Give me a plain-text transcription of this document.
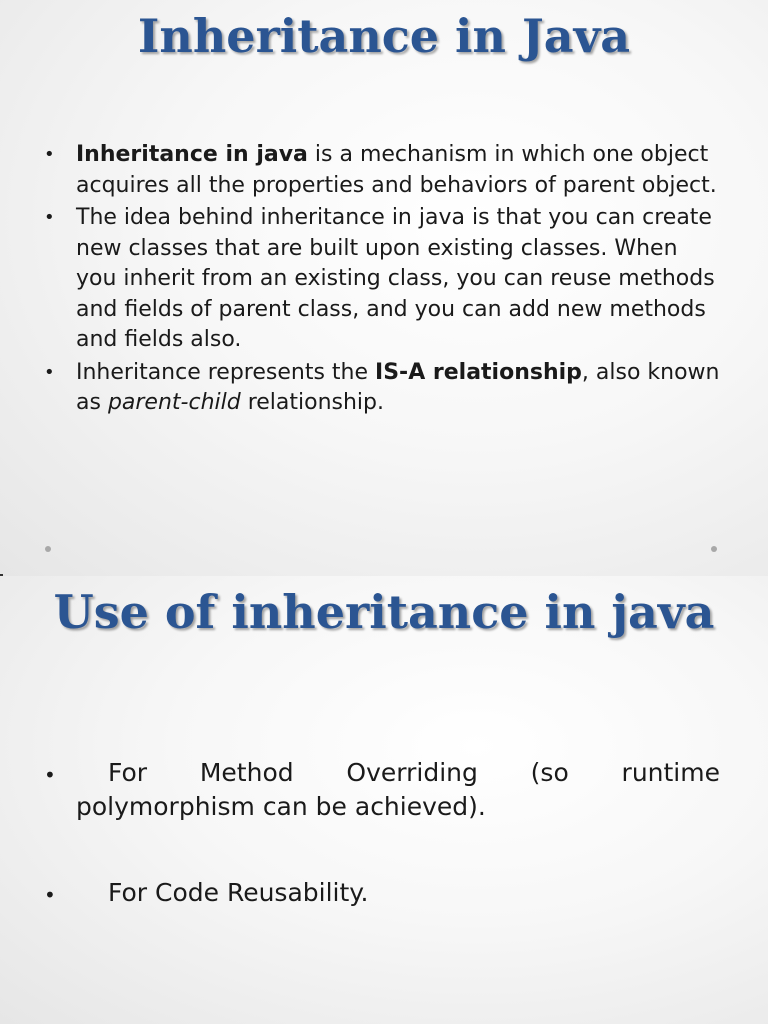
Inheritance in Java
• Inheritance in java is a mechanism in which one object acquires all the properties and behaviors of parent object.
• The idea behind inheritance in java is that you can create new classes that are built upon existing classes. When you inherit from an existing class, you can reuse methods and fields of parent class, and you can add new methods and fields also.
• Inheritance represents the IS-A relationship, also known as parent-child relationship.
Use of inheritance in java
•	For Method Overriding (so runtime
polymorphism can be achieved).
• For Code Reusability.
